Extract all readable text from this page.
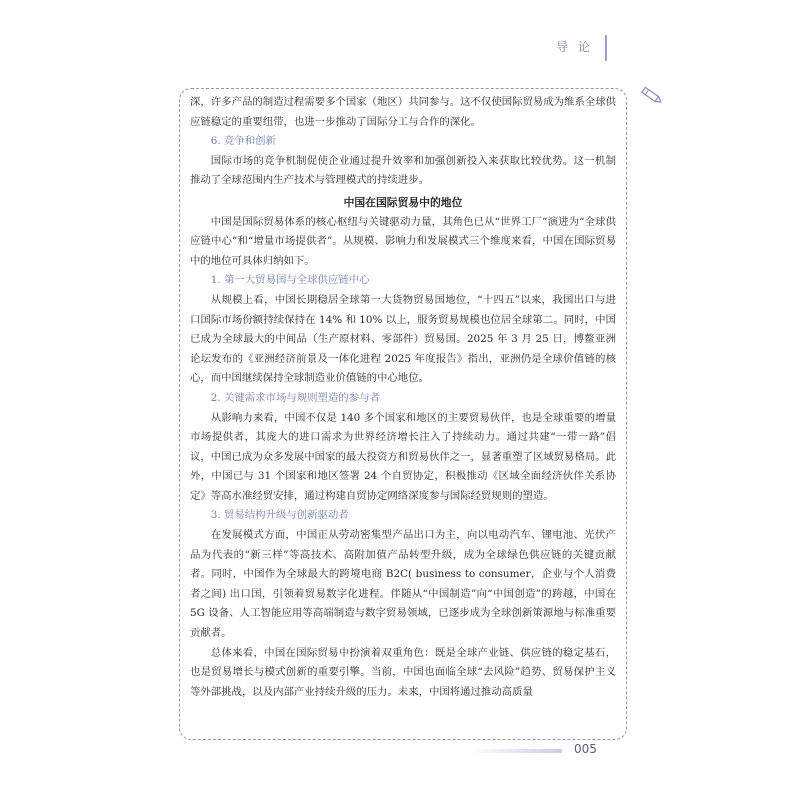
导 论

深，许多产品的制造过程需要多个国家（地区）共同参与。这不仅使国际贸易成为维系全球供应链稳定的重要纽带，也进一步推动了国际分工与合作的深化。

6. 竞争和创新

国际市场的竞争机制促使企业通过提升效率和加强创新投入来获取比较优势。这一机制推动了全球范围内生产技术与管理模式的持续进步。

中国在国际贸易中的地位

中国是国际贸易体系的核心枢纽与关键驱动力量，其角色已从“世界工厂”演进为“全球供应链中心”和“增量市场提供者”。从规模、影响力和发展模式三个维度来看，中国在国际贸易中的地位可具体归纳如下。

1. 第一大贸易国与全球供应链中心

从规模上看，中国长期稳居全球第一大货物贸易国地位，“十四五”以来，我国出口与进口国际市场份额持续保持在 14% 和 10% 以上，服务贸易规模也位居全球第二。同时，中国已成为全球最大的中间品（生产原材料、零部件）贸易国。2025 年 3 月 25 日，博鳌亚洲论坛发布的《亚洲经济前景及一体化进程 2025 年度报告》指出，亚洲仍是全球价值链的核心，而中国继续保持全球制造业价值链的中心地位。

2. 关键需求市场与规则塑造的参与者

从影响力来看，中国不仅是 140 多个国家和地区的主要贸易伙伴，也是全球重要的增量市场提供者，其庞大的进口需求为世界经济增长注入了持续动力。通过共建“一带一路”倡议，中国已成为众多发展中国家的最大投资方和贸易伙伴之一，显著重塑了区域贸易格局。此外，中国已与 31 个国家和地区签署 24 个自贸协定，积极推动《区域全面经济伙伴关系协定》等高水准经贸安排，通过构建自贸协定网络深度参与国际经贸规则的塑造。

3. 贸易结构升级与创新驱动者

在发展模式方面，中国正从劳动密集型产品出口为主，向以电动汽车、锂电池、光伏产品为代表的“新三样”等高技术、高附加值产品转型升级，成为全球绿色供应链的关键贡献者。同时，中国作为全球最大的跨境电商 B2C( business to consumer，企业与个人消费者之间) 出口国，引领着贸易数字化进程。伴随从“中国制造”向“中国创造”的跨越，中国在 5G 设备、人工智能应用等高端制造与数字贸易领域，已逐步成为全球创新策源地与标准重要贡献者。

总体来看，中国在国际贸易中扮演着双重角色：既是全球产业链、供应链的稳定基石，也是贸易增长与模式创新的重要引擎。当前，中国也面临全球“去风险”趋势、贸易保护主义等外部挑战，以及内部产业持续升级的压力。未来，中国将通过推动高质量

005
